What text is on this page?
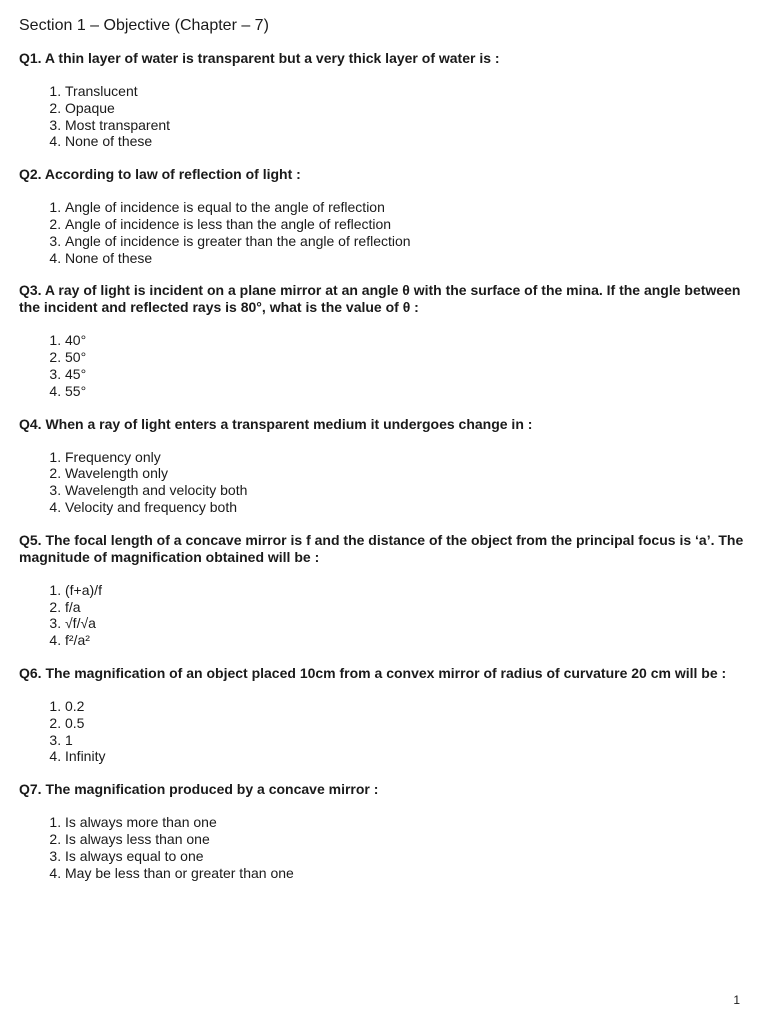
Section 1 – Objective (Chapter – 7)
Q1. A thin layer of water is transparent but a very thick layer of water is :
1. Translucent
2. Opaque
3. Most transparent
4. None of these
Q2. According to law of reflection of light :
1. Angle of incidence is equal to the angle of reflection
2. Angle of incidence is less than the angle of reflection
3. Angle of incidence is greater than the angle of reflection
4. None of these
Q3. A ray of light is incident on a plane mirror at an angle θ with the surface of the mina. If the angle between the incident and reflected rays is 80°, what is the value of θ :
1. 40°
2. 50°
3. 45°
4. 55°
Q4. When a ray of light enters a transparent medium it undergoes change in :
1. Frequency only
2. Wavelength only
3. Wavelength and velocity both
4. Velocity and frequency both
Q5. The focal length of a concave mirror is f and the distance of the object from the principal focus is ‘a’. The magnitude of magnification obtained will be :
1. (f+a)/f
2. f/a
3. √f/√a
4. f²/a²
Q6. The magnification of an object placed 10cm from a convex mirror of radius of curvature 20 cm will be :
1. 0.2
2. 0.5
3. 1
4. Infinity
Q7. The magnification produced by a concave mirror :
1. Is always more than one
2. Is always less than one
3. Is always equal to one
4. May be less than or greater than one
1
